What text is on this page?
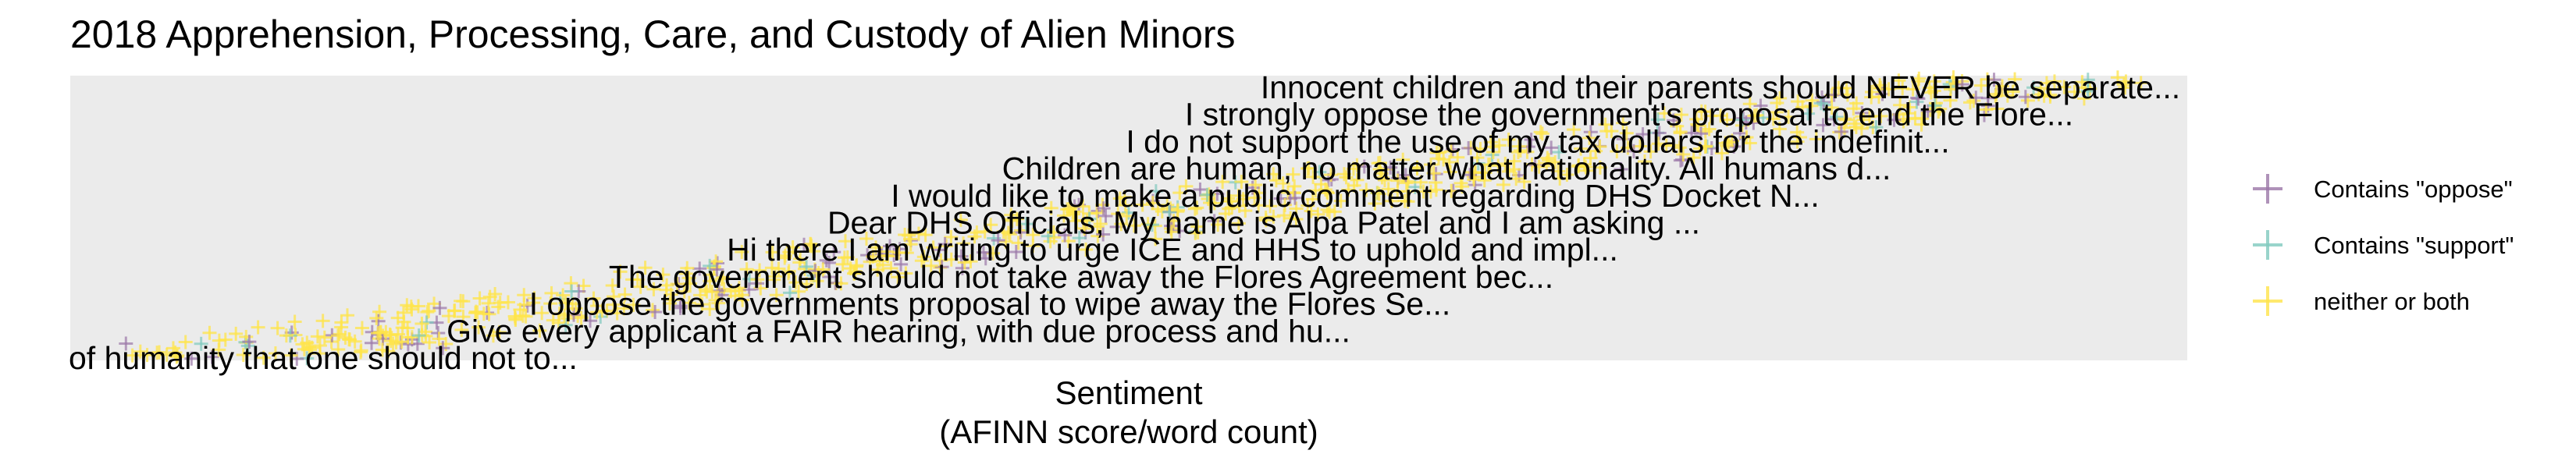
2018 Apprehension, Processing, Care, and Custody of Alien Minors
Innocent children and their parents should NEVER be separate...
I strongly oppose the government's proposal to end the Flore...
I do not support the use of my tax dollars for the indefinit...
Children are human, no matter what nationality. All humans d...
I would like to make a public comment regarding DHS Docket N...
Dear DHS Officials, My name is Alpa Patel and I am asking ...
Hi there I am writing to urge ICE and HHS to uphold and impl...
The government should not take away the Flores Agreement bec...
I oppose the governments proposal to wipe away the Flores Se...
Give every applicant a FAIR hearing, with due process and hu...
of humanity that one should not to...
Sentiment
(AFINN score/word count)
Contains "oppose"
Contains "support"
neither or both
